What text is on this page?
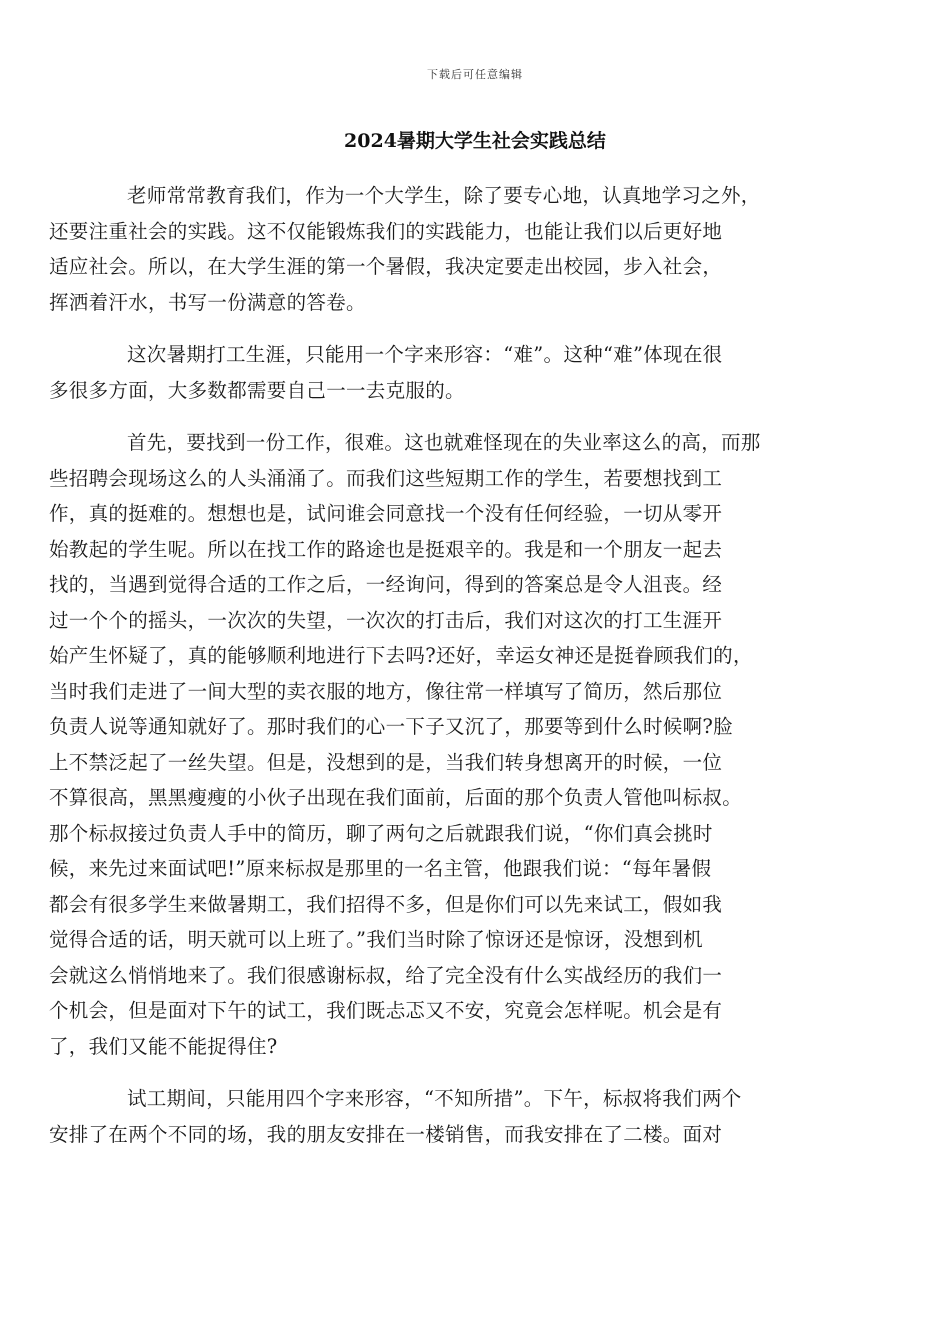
下载后可任意编辑
2024暑期大学生社会实践总结

老师常常教育我们，作为一个大学生，除了要专心地，认真地学习之外，
还要注重社会的实践。这不仅能锻炼我们的实践能力，也能让我们以后更好地
适应社会。所以，在大学生涯的第一个暑假，我决定要走出校园，步入社会，
挥洒着汗水，书写一份满意的答卷。

这次暑期打工生涯，只能用一个字来形容：“难”。这种“难”体现在很
多很多方面，大多数都需要自己一一去克服的。

首先，要找到一份工作，很难。这也就难怪现在的失业率这么的高，而那
些招聘会现场这么的人头涌涌了。而我们这些短期工作的学生，若要想找到工
作，真的挺难的。想想也是，试问谁会同意找一个没有任何经验，一切从零开
始教起的学生呢。所以在找工作的路途也是挺艰辛的。我是和一个朋友一起去
找的，当遇到觉得合适的工作之后，一经询问，得到的答案总是令人沮丧。经
过一个个的摇头，一次次的失望，一次次的打击后，我们对这次的打工生涯开
始产生怀疑了，真的能够顺利地进行下去吗?还好，幸运女神还是挺眷顾我们的，
当时我们走进了一间大型的卖衣服的地方，像往常一样填写了简历，然后那位
负责人说等通知就好了。那时我们的心一下子又沉了，那要等到什么时候啊?脸
上不禁泛起了一丝失望。但是，没想到的是，当我们转身想离开的时候，一位
不算很高，黑黑瘦瘦的小伙子出现在我们面前，后面的那个负责人管他叫标叔。
那个标叔接过负责人手中的简历，聊了两句之后就跟我们说，“你们真会挑时
候，来先过来面试吧!”原来标叔是那里的一名主管，他跟我们说：“每年暑假
都会有很多学生来做暑期工，我们招得不多，但是你们可以先来试工，假如我
觉得合适的话，明天就可以上班了。”我们当时除了惊讶还是惊讶，没想到机
会就这么悄悄地来了。我们很感谢标叔，给了完全没有什么实战经历的我们一
个机会，但是面对下午的试工，我们既忐忑又不安，究竟会怎样呢。机会是有
了，我们又能不能捉得住?

试工期间，只能用四个字来形容，“不知所措”。下午，标叔将我们两个
安排了在两个不同的场，我的朋友安排在一楼销售，而我安排在了二楼。面对
